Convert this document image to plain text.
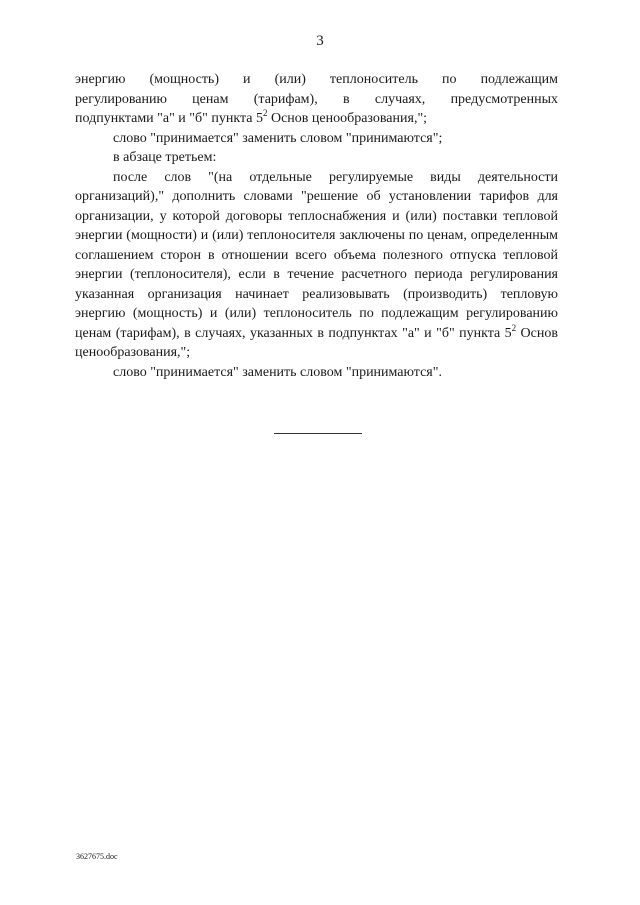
3

энергию (мощность) и (или) теплоноситель по подлежащим

регулированию ценам (тарифам), в случаях, предусмотренных

подпунктами "а" и "б" пункта $5^2$ Основ ценообразования,";

слово "принимается" заменить словом "принимаются";

в абзаце третьем:

после слов "(на отдельные регулируемые виды деятельности организаций)," дополнить словами "решение об установлении тарифов для организации, у которой договоры теплоснабжения и (или) поставки тепловой энергии (мощности) и (или) теплоносителя заключены по ценам, определенным соглашением сторон в отношении всего объема полезного отпуска тепловой энергии (теплоносителя), если в течение расчетного периода регулирования указанная организация начинает реализовывать (производить) тепловую энергию (мощность) и (или) теплоноситель по подлежащим регулированию ценам (тарифам), в случаях, указанных в подпунктах "а" и "б" пункта $5^2$ Основ ценообразования,";

слово "принимается" заменить словом "принимаются".

3627675.doc
